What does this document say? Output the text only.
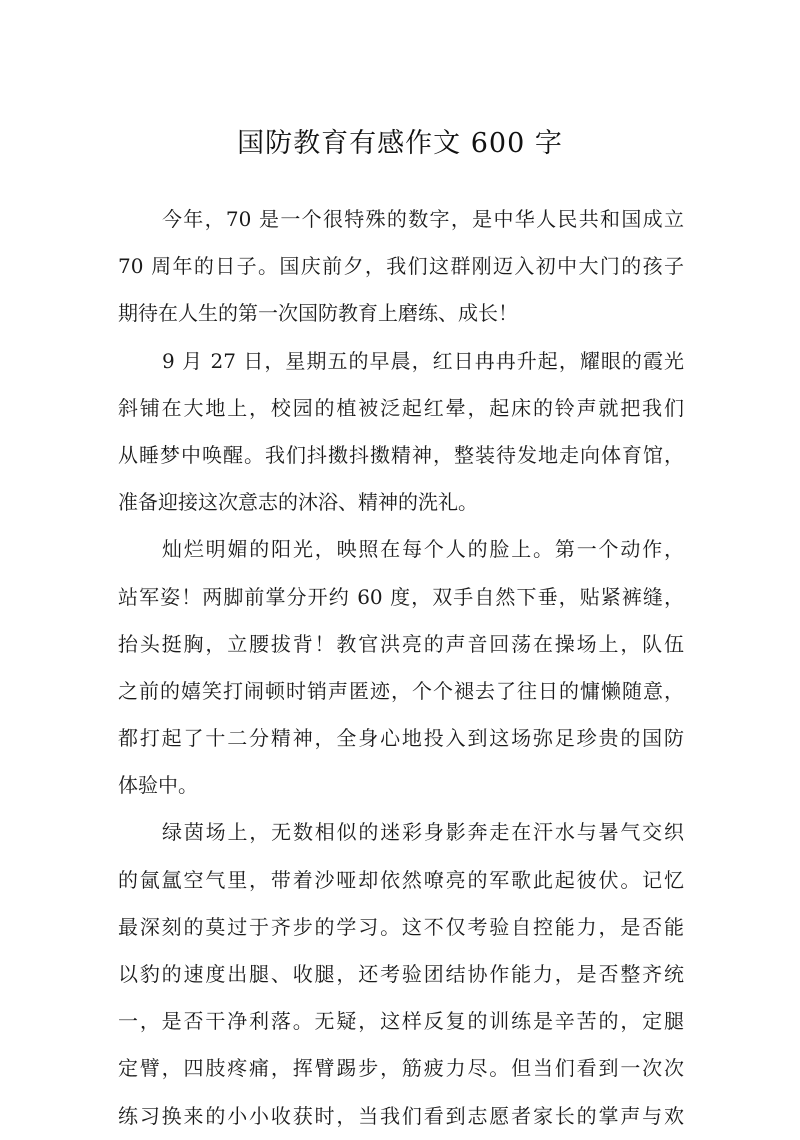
国防教育有感作文 600 字
今年，70 是一个很特殊的数字，是中华人民共和国成立
70 周年的日子。国庆前夕，我们这群刚迈入初中大门的孩子
期待在人生的第一次国防教育上磨练、成长！
9 月 27 日，星期五的早晨，红日冉冉升起，耀眼的霞光
斜铺在大地上，校园的植被泛起红晕，起床的铃声就把我们
从睡梦中唤醒。我们抖擞抖擞精神，整装待发地走向体育馆，
准备迎接这次意志的沐浴、精神的洗礼。
灿烂明媚的阳光，映照在每个人的脸上。第一个动作，
站军姿！两脚前掌分开约 60 度，双手自然下垂，贴紧裤缝，
抬头挺胸，立腰拔背！教官洪亮的声音回荡在操场上，队伍
之前的嬉笑打闹顿时销声匿迹，个个褪去了往日的慵懒随意，
都打起了十二分精神，全身心地投入到这场弥足珍贵的国防
体验中。
绿茵场上，无数相似的迷彩身影奔走在汗水与暑气交织
的氤氲空气里，带着沙哑却依然嘹亮的军歌此起彼伏。记忆
最深刻的莫过于齐步的学习。这不仅考验自控能力，是否能
以豹的速度出腿、收腿，还考验团结协作能力，是否整齐统
一，是否干净利落。无疑，这样反复的训练是辛苦的，定腿
定臂，四肢疼痛，挥臂踢步，筋疲力尽。但当们看到一次次
练习换来的小小收获时，当我们看到志愿者家长的掌声与欢
